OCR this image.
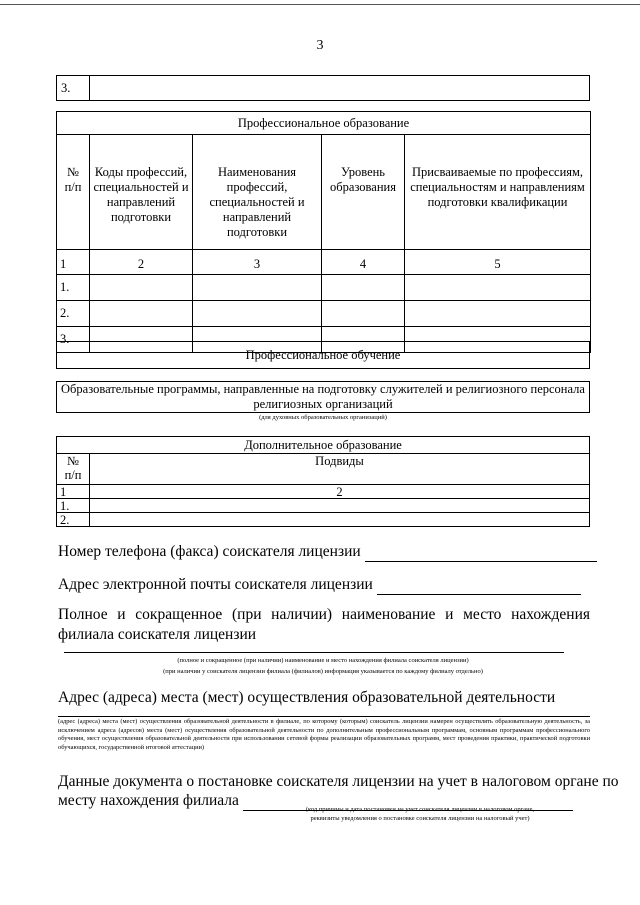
3
3.	
Профессиональное образование				
№
п/п	Коды профессий, специальностей и направлений подготовки	Наименования профессий, специальностей и направлений подготовки	Уровень образования	Присваиваемые по профессиям, специальностям и направлениям подготовки квалификации
1	2	3	4	5
1.				
2.				
3.				
Профессиональное обучение
Образовательные программы, направленные на подготовку служителей и религиозного персонала религиозных организаций
(для духовных образовательных организаций)
Дополнительное образование	
№
п/п	Подвиды
1	2
1.	
2.	
Номер телефона (факса) соискателя лицензии
Адрес электронной почты соискателя лицензии
Полное и сокращенное (при наличии) наименование и место нахождения филиала соискателя лицензии
(полное и сокращенное (при наличии) наименование и место нахождения филиала соискателя лицензии)
(при наличии у соискателя лицензии филиала (филиалов) информация указывается по каждому филиалу отдельно)
Адрес (адреса) места (мест) осуществления образовательной деятельности
(адрес (адреса) места (мест) осуществления образовательной деятельности в филиале, по которому (которым) соискатель лицензии намерен осуществлять образовательную деятельность, за исключением адреса (адресов) места (мест) осуществления образовательной деятельности по дополнительным профессиональным программам, основным программам профессионального обучения, мест осуществления образовательной деятельности при использовании сетевой формы реализации образовательных программ, мест проведения практики, практической подготовки обучающихся, государственной итоговой аттестации)
Данные документа о постановке соискателя лицензии на учет в налоговом органе по
месту нахождения филиала
(код причины и дата постановки на учет соискателя лицензии в налоговом органе,
реквизиты уведомления о постановке соискателя лицензии на налоговый учет)
